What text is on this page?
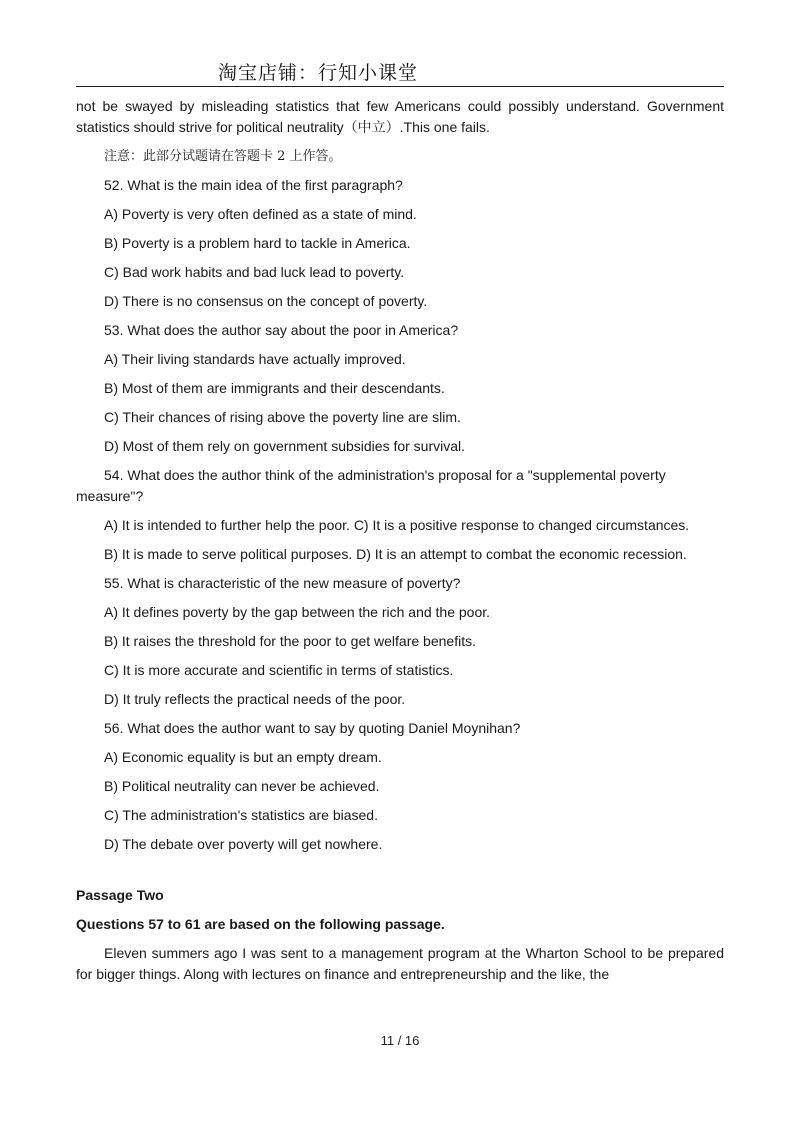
淘宝店铺：行知小课堂

not be swayed by misleading statistics that few Americans could possibly understand. Government statistics should strive for political neutrality（中立）.This one fails.

注意：此部分试题请在答题卡 2 上作答。

52. What is the main idea of the first paragraph?

A) Poverty is very often defined as a state of mind.

B) Poverty is a problem hard to tackle in America.

C) Bad work habits and bad luck lead to poverty.

D) There is no consensus on the concept of poverty.

53. What does the author say about the poor in America?

A) Their living standards have actually improved.

B) Most of them are immigrants and their descendants.

C) Their chances of rising above the poverty line are slim.

D) Most of them rely on government subsidies for survival.

54. What does the author think of the administration's proposal for a "supplemental poverty measure"?

A) It is intended to further help the poor. C) It is a positive response to changed circumstances.

B) It is made to serve political purposes. D) It is an attempt to combat the economic recession.

55. What is characteristic of the new measure of poverty?

A) It defines poverty by the gap between the rich and the poor.

B) It raises the threshold for the poor to get welfare benefits.

C) It is more accurate and scientific in terms of statistics.

D) It truly reflects the practical needs of the poor.

56. What does the author want to say by quoting Daniel Moynihan?

A) Economic equality is but an empty dream.

B) Political neutrality can never be achieved.

C) The administration's statistics are biased.

D) The debate over poverty will get nowhere.

Passage Two

Questions 57 to 61 are based on the following passage.

Eleven summers ago I was sent to a management program at the Wharton School to be prepared for bigger things. Along with lectures on finance and entrepreneurship and the like, the

11 / 16
